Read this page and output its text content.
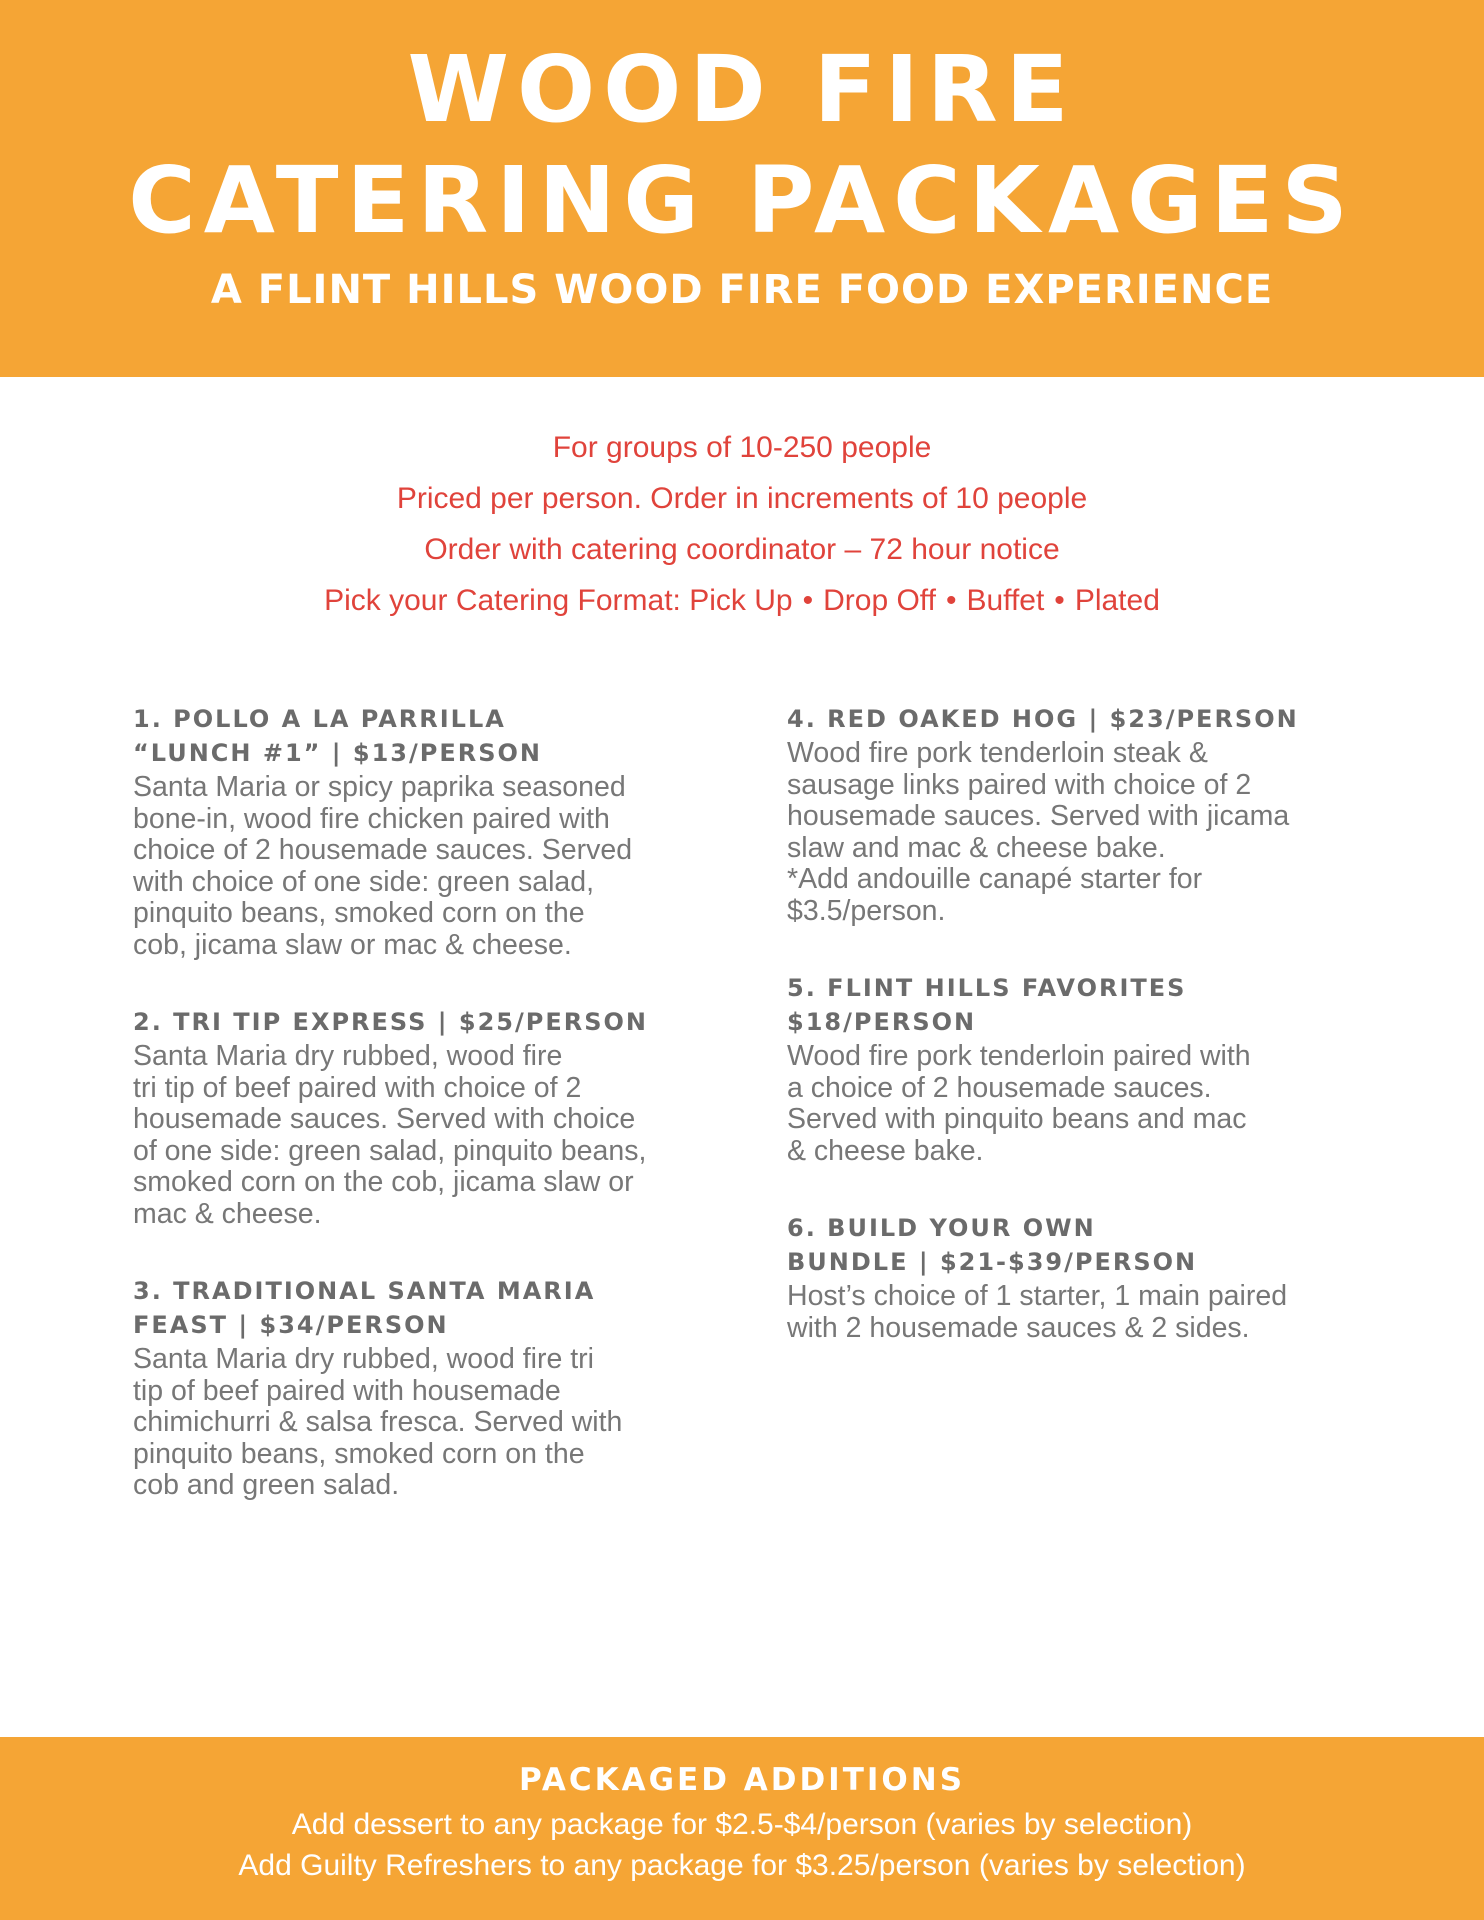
WOOD FIRE
CATERING PACKAGES
A FLINT HILLS WOOD FIRE FOOD EXPERIENCE
For groups of 10-250 people
Priced per person. Order in increments of 10 people
Order with catering coordinator – 72 hour notice
Pick your Catering Format: Pick Up • Drop Off • Buffet • Plated
1. POLLO A LA PARRILLA
“LUNCH #1” | $13/PERSON
Santa Maria or spicy paprika seasoned
bone-in, wood fire chicken paired with
choice of 2 housemade sauces. Served
with choice of one side: green salad,
pinquito beans, smoked corn on the
cob, jicama slaw or mac & cheese.
2. TRI TIP EXPRESS | $25/PERSON
Santa Maria dry rubbed, wood fire
tri tip of beef paired with choice of 2
housemade sauces. Served with choice
of one side: green salad, pinquito beans,
smoked corn on the cob, jicama slaw or
mac & cheese.
3. TRADITIONAL SANTA MARIA
FEAST | $34/PERSON
Santa Maria dry rubbed, wood fire tri
tip of beef paired with housemade
chimichurri & salsa fresca. Served with
pinquito beans, smoked corn on the
cob and green salad.
4. RED OAKED HOG | $23/PERSON
Wood fire pork tenderloin steak &
sausage links paired with choice of 2
housemade sauces. Served with jicama
slaw and mac & cheese bake.
*Add andouille canapé starter for
$3.5/person.
5. FLINT HILLS FAVORITES
$18/PERSON
Wood fire pork tenderloin paired with
a choice of 2 housemade sauces.
Served with pinquito beans and mac
& cheese bake.
6. BUILD YOUR OWN
BUNDLE | $21-$39/PERSON
Host’s choice of 1 starter, 1 main paired
with 2 housemade sauces & 2 sides.
PACKAGED ADDITIONS
Add dessert to any package for $2.5-$4/person (varies by selection)
Add Guilty Refreshers to any package for $3.25/person (varies by selection)
